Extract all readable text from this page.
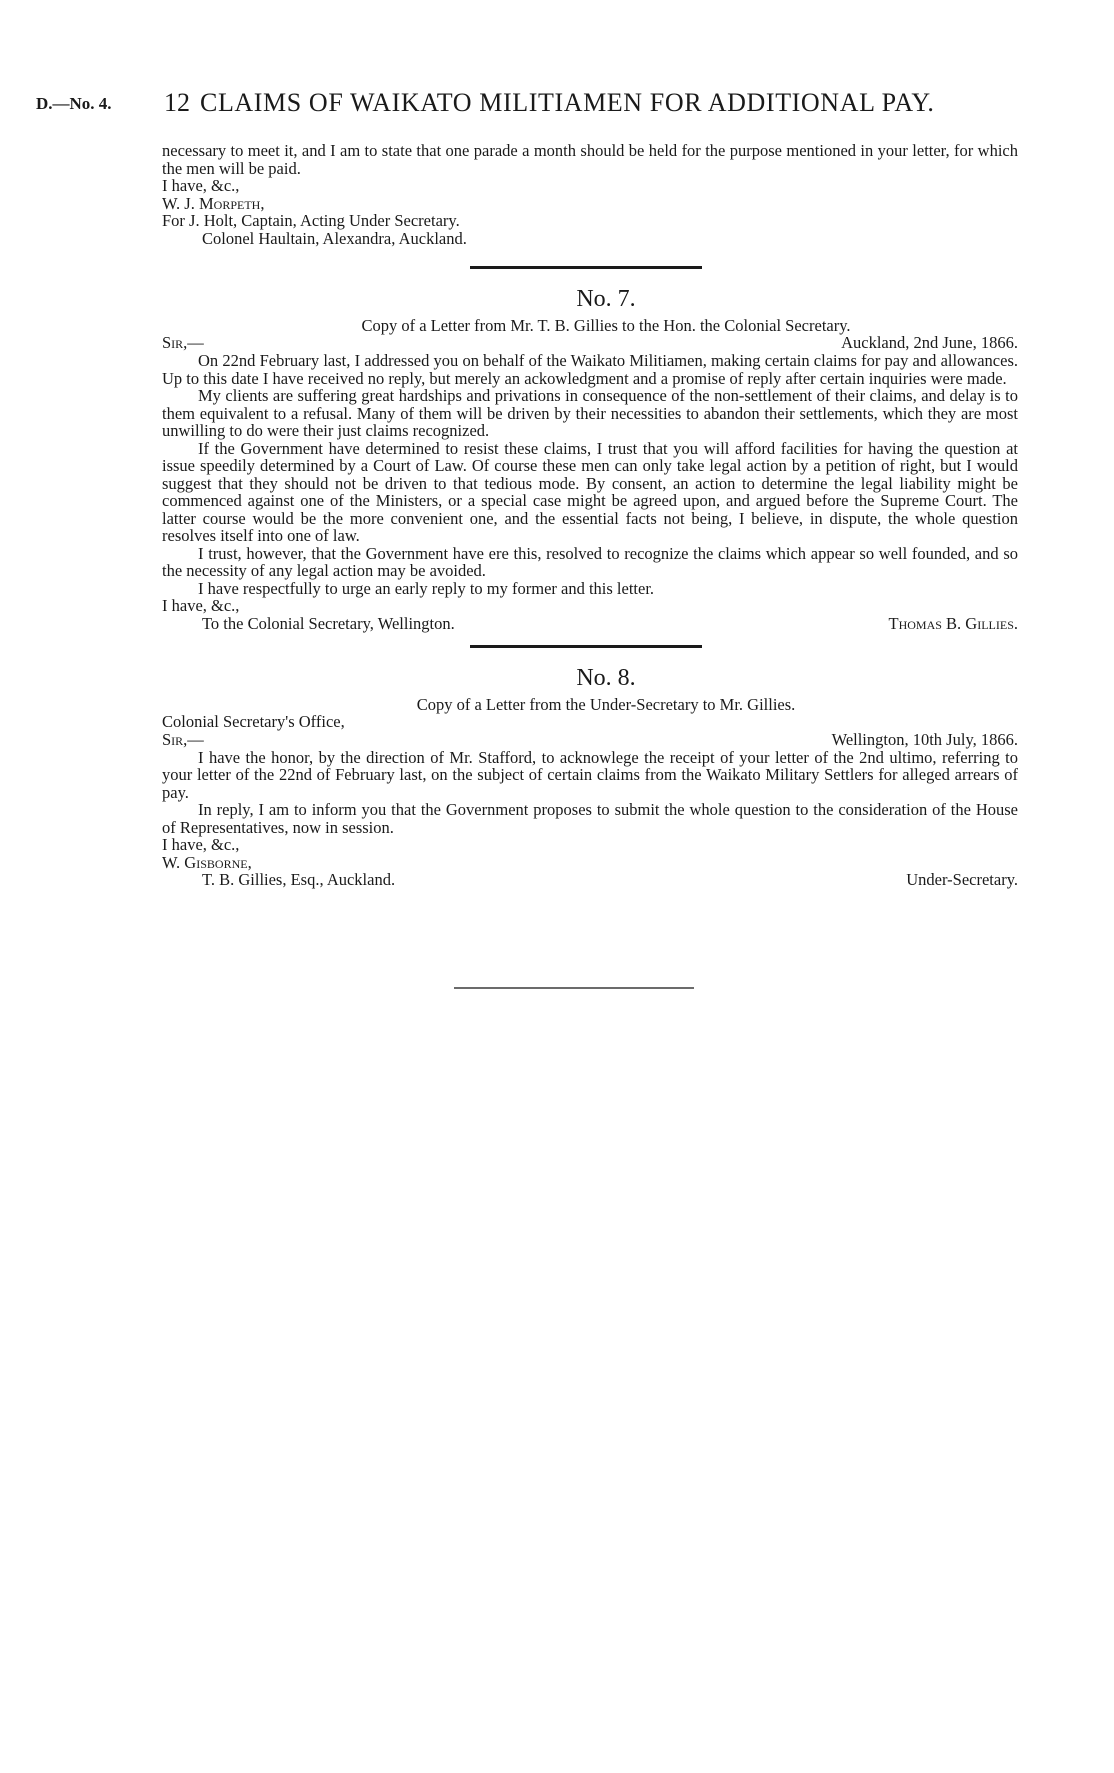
D.—No. 4. 12 CLAIMS OF WAIKATO MILITIAMEN FOR ADDITIONAL PAY.

necessary to meet it, and I am to state that one parade a month should be held for the purpose mentioned in your letter, for which the men will be paid.

I have, &c.,

W. J. Morpeth,

For J. Holt, Captain, Acting Under Secretary.

Colonel Haultain, Alexandra, Auckland.
No. 7.
Copy of a Letter from Mr. T. B. Gillies to the Hon. the Colonial Secretary.
Sir,—	Auckland, 2nd June, 1866.

On 22nd February last, I addressed you on behalf of the Waikato Militiamen, making certain claims for pay and allowances. Up to this date I have received no reply, but merely an ackowledgment and a promise of reply after certain inquiries were made.

My clients are suffering great hardships and privations in consequence of the non-settlement of their claims, and delay is to them equivalent to a refusal. Many of them will be driven by their necessities to abandon their settlements, which they are most unwilling to do were their just claims recognized.

If the Government have determined to resist these claims, I trust that you will afford facilities for having the question at issue speedily determined by a Court of Law. Of course these men can only take legal action by a petition of right, but I would suggest that they should not be driven to that tedious mode. By consent, an action to determine the legal liability might be commenced against one of the Ministers, or a special case might be agreed upon, and argued before the Supreme Court. The latter course would be the more convenient one, and the essential facts not being, I believe, in dispute, the whole question resolves itself into one of law.

I trust, however, that the Government have ere this, resolved to recognize the claims which appear so well founded, and so the necessity of any legal action may be avoided.

I have respectfully to urge an early reply to my former and this letter.

I have, &c.,

To the Colonial Secretary, Wellington.	Thomas B. Gillies.
No. 8.
Copy of a Letter from the Under-Secretary to Mr. Gillies.

Colonial Secretary's Office,

Sir,—	Wellington, 10th July, 1866.

I have the honor, by the direction of Mr. Stafford, to acknowlege the receipt of your letter of the 2nd ultimo, referring to your letter of the 22nd of February last, on the subject of certain claims from the Waikato Military Settlers for alleged arrears of pay.

In reply, I am to inform you that the Government proposes to submit the whole question to the consideration of the House of Representatives, now in session.

I have, &c.,

W. Gisborne,

T. B. Gillies, Esq., Auckland.	Under-Secretary.
